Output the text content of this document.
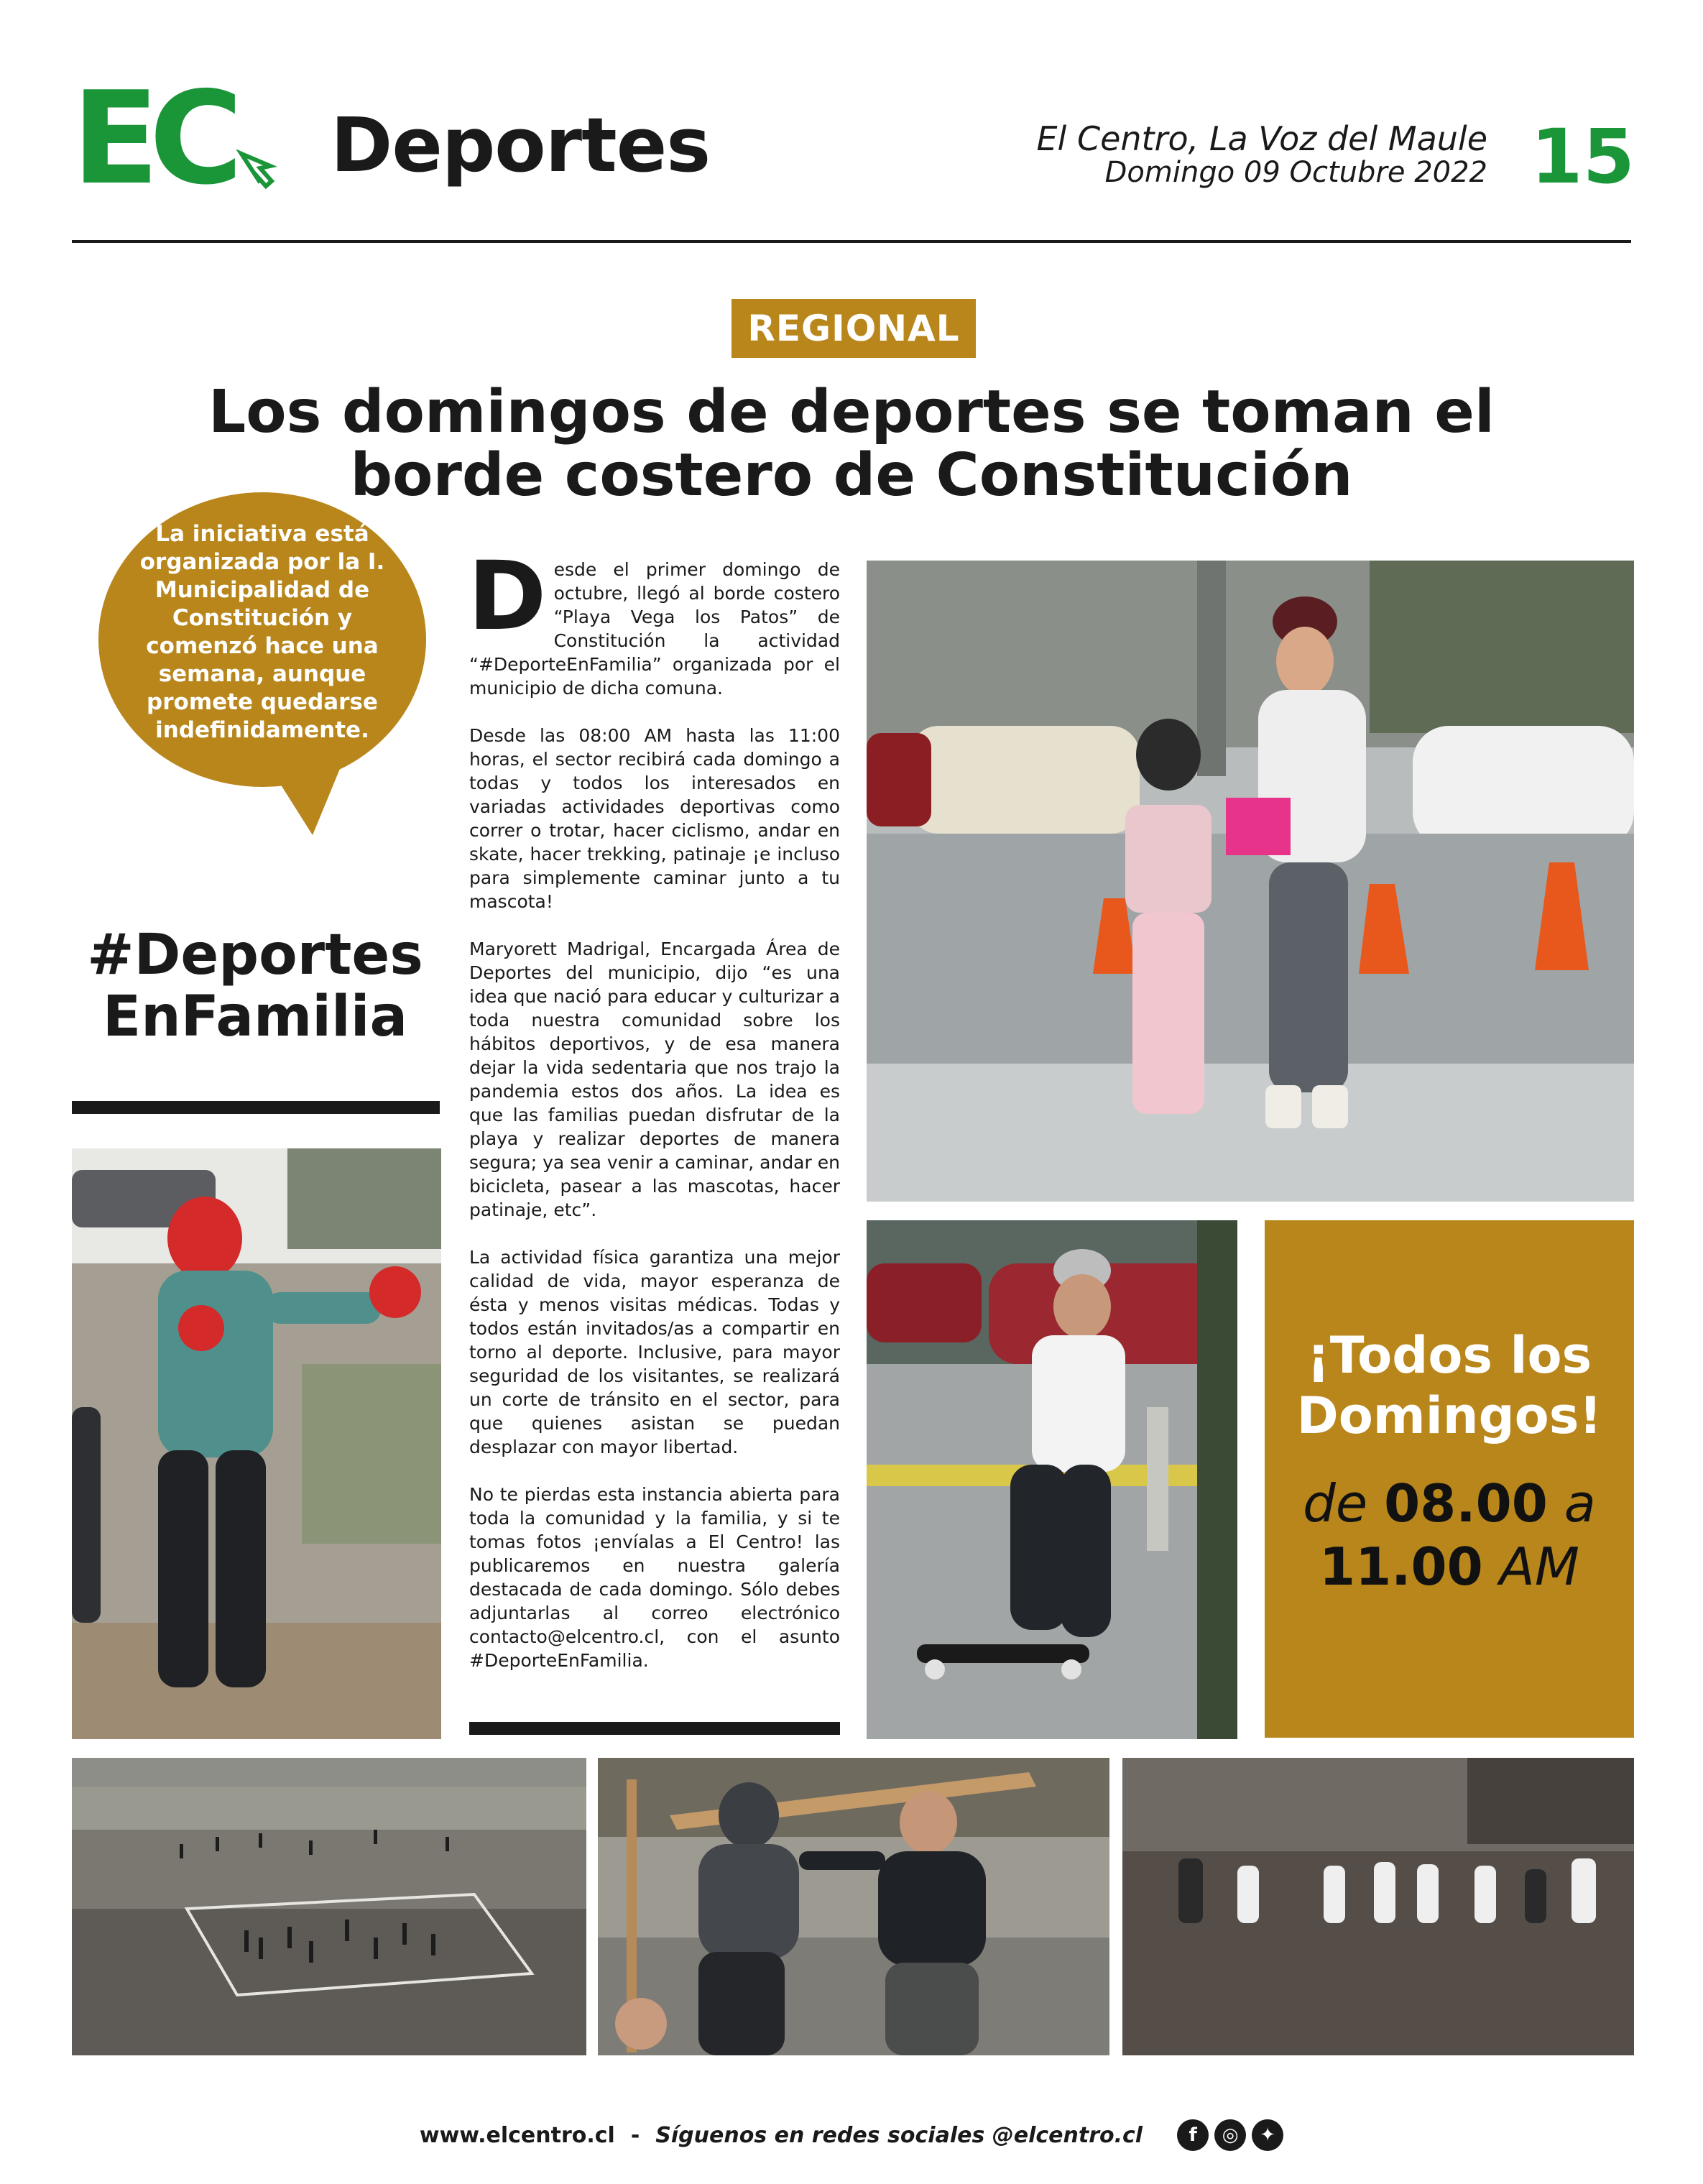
EC Deportes	El Centro, La Voz del Maule
Domingo 09 Octubre 2022 15
REGIONAL
Los domingos de deportes se toman el borde costero de Constitución
La iniciativa está organizada por la I. Municipalidad de Constitución y comenzó hace una semana, aunque promete quedarse indefinidamente.
#Deportes
EnFamilia

Desde el primer domingo de octubre, llegó al borde costero “Playa Vega los Patos” de Constitución la actividad “#DeporteEnFamilia” organizada por el municipio de dicha comuna.

Desde las 08:00 AM hasta las 11:00 horas, el sector recibirá cada domingo a todas y todos los interesados en variadas actividades deportivas como correr o trotar, hacer ciclismo, andar en skate, hacer trekking, patinaje ¡e incluso para simplemente caminar junto a tu mascota!

Maryorett Madrigal, Encargada Área de Deportes del municipio, dijo “es una idea que nació para educar y culturizar a toda nuestra comunidad sobre los hábitos deportivos, y de esa manera dejar la vida sedentaria que nos trajo la pandemia estos dos años. La idea es que las familias puedan disfrutar de la playa y realizar deportes de manera segura; ya sea venir a caminar, andar en bicicleta, pasear a las mascotas, hacer patinaje, etc”.

La actividad física garantiza una mejor calidad de vida, mayor esperanza de ésta y menos visitas médicas. Todas y todos están invitados/as a compartir en torno al deporte. Inclusive, para mayor seguridad de los visitantes, se realizará un corte de tránsito en el sector, para que quienes asistan se puedan desplazar con mayor libertad.

No te pierdas esta instancia abierta para toda la comunidad y la familia, y si te tomas fotos ¡envíalas a El Centro! las publicaremos en nuestra galería destacada de cada domingo. Sólo debes adjuntarlas al correo electrónico contacto@elcentro.cl, con el asunto #DeporteEnFamilia.

¡Todos los
Domingos!
de 08.00 a
11.00 AM
www.elcentro.cl - Síguenos en redes sociales @elcentro.cl	f	◎	✦
